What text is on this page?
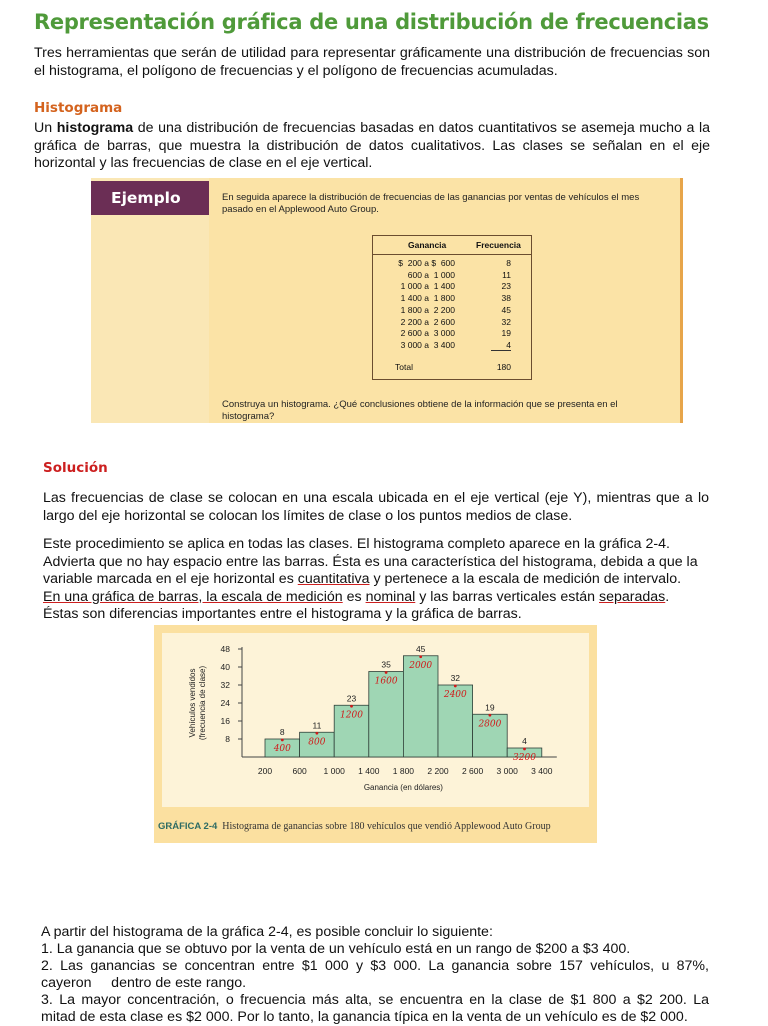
Representación gráfica de una distribución de frecuencias
Tres herramientas que serán de utilidad para representar gráficamente una distribución de frecuencias son el histograma, el polígono de frecuencias y el polígono de frecuencias acumuladas.
Histograma
Un histograma de una distribución de frecuencias basadas en datos cuantitativos se asemeja mucho a la gráfica de barras, que muestra la distribución de datos cualitativos. Las clases se señalan en el eje horizontal y las frecuencias de clase en el eje vertical.
Ejemplo	En seguida aparece la distribución de frecuencias de las ganancias por ventas de vehículos el mes pasado en el Applewood Auto Group.
Ganancia	Frecuencia
$  200 a $  600	8
600 a  1 000	11
1 000 a  1 400	23
1 400 a  1 800	38
1 800 a  2 200	45
2 200 a  2 600	32
2 600 a  3 000	19
3 000 a  3 400	4
Total	180
Construya un histograma. ¿Qué conclusiones obtiene de la información que se presenta en el histograma?
Solución
Las frecuencias de clase se colocan en una escala ubicada en el eje vertical (eje Y), mientras que a lo largo del eje horizontal se colocan los límites de clase o los puntos medios de clase.
Este procedimiento se aplica en todas las clases. El histograma completo aparece en la gráfica 2-4.
Advierta que no hay espacio entre las barras. Ésta es una característica del histograma, debida a que la
variable marcada en el eje horizontal es cuantitativa y pertenece a la escala de medición de intervalo.
En una gráfica de barras, la escala de medición es nominal y las barras verticales están separadas.
Éstas son diferencias importantes entre el histograma y la gráfica de barras.
8
16
24
32
40
48
Vehículos vendidos (frecuencia de clase)	8
400
11
800
23
1200
35
1600
45
2000
32
2400
19
2800
4
3200
200 600 1 000 1 400 1 800 2 200 2 600 3 000 3 400
Ganancia (en dólares)
GRÁFICA 2-4 Histograma de ganancias sobre 180 vehículos que vendió Applewood Auto Group
A partir del histograma de la gráfica 2-4, es posible concluir lo siguiente:
1. La ganancia que se obtuvo por la venta de un vehículo está en un rango de $200 a $3 400.
2. Las ganancias se concentran entre $1 000 y $3 000. La ganancia sobre 157 vehículos, u 87%,
cayeron     dentro de este rango.
3. La mayor concentración, o frecuencia más alta, se encuentra en la clase de $1 800 a $2 200. La
mitad de esta clase es $2 000. Por lo tanto, la ganancia típica en la venta de un vehículo es de $2 000.
